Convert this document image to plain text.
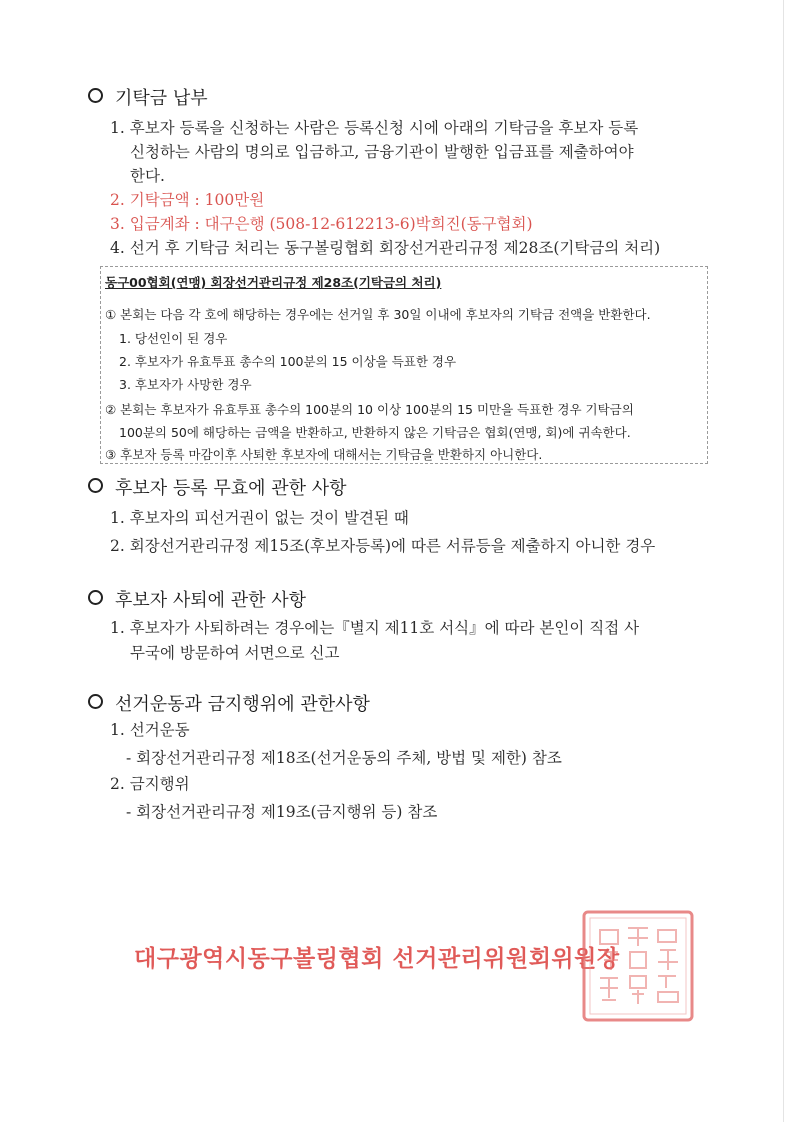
기탁금 납부
1. 후보자 등록을 신청하는 사람은 등록신청 시에 아래의 기탁금을 후보자 등록
신청하는 사람의 명의로 입금하고, 금융기관이 발행한 입금표를 제출하여야
한다.
2. 기탁금액 : 100만원
3. 입금계좌 : 대구은행 (508-12-612213-6)박희진(동구협회)
4. 선거 후 기탁금 처리는 동구볼링협회 회장선거관리규정 제28조(기탁금의 처리)
동구00협회(연맹) 회장선거관리규정 제28조(기탁금의 처리)
① 본회는 다음 각 호에 해당하는 경우에는 선거일 후 30일 이내에 후보자의 기탁금 전액을 반환한다.
1. 당선인이 된 경우
2. 후보자가 유효투표 총수의 100분의 15 이상을 득표한 경우
3. 후보자가 사망한 경우
② 본회는 후보자가 유효투표 총수의 100분의 10 이상 100분의 15 미만을 득표한 경우 기탁금의
100분의 50에 해당하는 금액을 반환하고, 반환하지 않은 기탁금은 협회(연맹, 회)에 귀속한다.
③ 후보자 등록 마감이후 사퇴한 후보자에 대해서는 기탁금을 반환하지 아니한다.
후보자 등록 무효에 관한 사항
1. 후보자의 피선거권이 없는 것이 발견된 때
2. 회장선거관리규정 제15조(후보자등록)에 따른 서류등을 제출하지 아니한 경우
후보자 사퇴에 관한 사항
1. 후보자가 사퇴하려는 경우에는『별지 제11호 서식』에 따라 본인이 직접 사
무국에 방문하여 서면으로 신고
선거운동과 금지행위에 관한사항
1. 선거운동
- 회장선거관리규정 제18조(선거운동의 주체, 방법 및 제한) 참조
2. 금지행위
- 회장선거관리규정 제19조(금지행위 등) 참조
대구광역시동구볼링협회 선거관리위원회위원장
